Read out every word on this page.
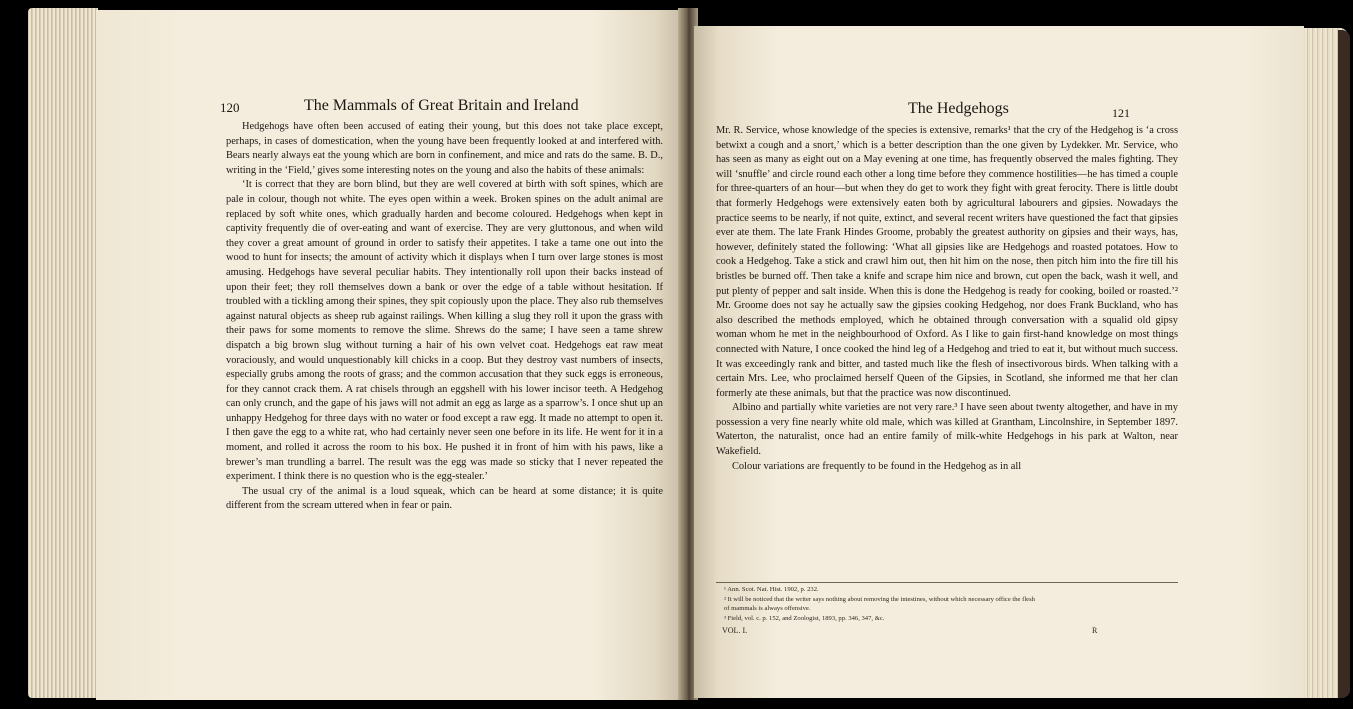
120	The Mammals of Great Britain and Ireland

Hedgehogs have often been accused of eating their young, but this does not take place except, perhaps, in cases of domestication, when the young have been frequently looked at and interfered with. Bears nearly always eat the young which are born in confinement, and mice and rats do the same. B. D., writing in the ‘Field,’ gives some interesting notes on the young and also the habits of these animals:

‘It is correct that they are born blind, but they are well covered at birth with soft spines, which are pale in colour, though not white. The eyes open within a week. Broken spines on the adult animal are replaced by soft white ones, which gradually harden and become coloured. Hedgehogs when kept in captivity frequently die of over-eating and want of exercise. They are very gluttonous, and when wild they cover a great amount of ground in order to satisfy their appetites. I take a tame one out into the wood to hunt for insects; the amount of activity which it displays when I turn over large stones is most amusing. Hedgehogs have several peculiar habits. They intentionally roll upon their backs instead of upon their feet; they roll themselves down a bank or over the edge of a table without hesitation. If troubled with a tickling among their spines, they spit copiously upon the place. They also rub themselves against natural objects as sheep rub against railings. When killing a slug they roll it upon the grass with their paws for some moments to remove the slime. Shrews do the same; I have seen a tame shrew dispatch a big brown slug without turning a hair of his own velvet coat. Hedgehogs eat raw meat voraciously, and would unquestionably kill chicks in a coop. But they destroy vast numbers of insects, especially grubs among the roots of grass; and the common accusation that they suck eggs is erroneous, for they cannot crack them. A rat chisels through an eggshell with his lower incisor teeth. A Hedgehog can only crunch, and the gape of his jaws will not admit an egg as large as a sparrow’s. I once shut up an unhappy Hedgehog for three days with no water or food except a raw egg. It made no attempt to open it. I then gave the egg to a white rat, who had certainly never seen one before in its life. He went for it in a moment, and rolled it across the room to his box. He pushed it in front of him with his paws, like a brewer’s man trundling a barrel. The result was the egg was made so sticky that I never repeated the experiment. I think there is no question who is the egg-stealer.’

The usual cry of the animal is a loud squeak, which can be heard at some distance; it is quite different from the scream uttered when in fear or pain.

The Hedgehogs	121

Mr. R. Service, whose knowledge of the species is extensive, remarks¹ that the cry of the Hedgehog is ‘a cross betwixt a cough and a snort,’ which is a better description than the one given by Lydekker. Mr. Service, who has seen as many as eight out on a May evening at one time, has frequently observed the males fighting. They will ‘snuffle’ and circle round each other a long time before they commence hostilities—he has timed a couple for three-quarters of an hour—but when they do get to work they fight with great ferocity. There is little doubt that formerly Hedgehogs were extensively eaten both by agricultural labourers and gipsies. Nowadays the practice seems to be nearly, if not quite, extinct, and several recent writers have questioned the fact that gipsies ever ate them. The late Frank Hindes Groome, probably the greatest authority on gipsies and their ways, has, however, definitely stated the following: ‘What all gipsies like are Hedgehogs and roasted potatoes. How to cook a Hedgehog. Take a stick and crawl him out, then hit him on the nose, then pitch him into the fire till his bristles be burned off. Then take a knife and scrape him nice and brown, cut open the back, wash it well, and put plenty of pepper and salt inside. When this is done the Hedgehog is ready for cooking, boiled or roasted.’² Mr. Groome does not say he actually saw the gipsies cooking Hedgehog, nor does Frank Buckland, who has also described the methods employed, which he obtained through conversation with a squalid old gipsy woman whom he met in the neighbourhood of Oxford. As I like to gain first-hand knowledge on most things connected with Nature, I once cooked the hind leg of a Hedgehog and tried to eat it, but without much success. It was exceedingly rank and bitter, and tasted much like the flesh of insectivorous birds. When talking with a certain Mrs. Lee, who proclaimed herself Queen of the Gipsies, in Scotland, she informed me that her clan formerly ate these animals, but that the practice was now discontinued.

Albino and partially white varieties are not very rare.³ I have seen about twenty altogether, and have in my possession a very fine nearly white old male, which was killed at Grantham, Lincolnshire, in September 1897. Waterton, the naturalist, once had an entire family of milk-white Hedgehogs in his park at Walton, near Wakefield.

Colour variations are frequently to be found in the Hedgehog as in all

¹ Ann. Scot. Nat. Hist. 1902, p. 232.
² It will be noticed that the writer says nothing about removing the intestines, without which necessary office the flesh
of mammals is always offensive.
³ Field, vol. c. p. 152, and Zoologist, 1893, pp. 346, 347, &c.
VOL. I.	R
